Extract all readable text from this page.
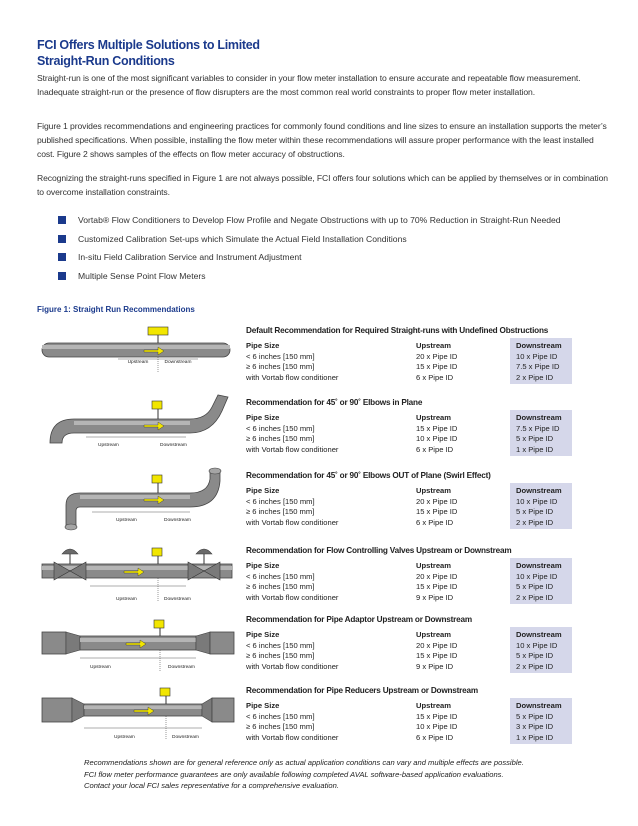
FCI Offers Multiple Solutions to Limited
Straight-Run Conditions
Straight-run is one of the most significant variables to consider in your flow meter installation to ensure accurate and repeatable flow measurement. Inadequate straight-run or the presence of flow disrupters are the most common real world constraints to proper flow meter installation.
Figure 1 provides recommendations and engineering practices for commonly found conditions and line sizes to ensure an installation supports the meter’s published specifications. When possible, installing the flow meter within these recommendations will assure proper performance with the least installed cost. Figure 2 shows samples of the effects on flow meter accuracy of obstructions.
Recognizing the straight-runs specified in Figure 1 are not always possible, FCI offers four solutions which can be applied by themselves or in combination to overcome installation constraints.
Vortab® Flow Conditioners to Develop Flow Profile and Negate Obstructions with up to 70% Reduction in Straight-Run Needed
Customized Calibration Set-ups which Simulate the Actual Field Installation Conditions
In-situ Field Calibration Service and Instrument Adjustment
Multiple Sense Point Flow Meters
Figure 1: Straight Run Recommendations
Upstream	Downstream
Upstream	Downstream
Upstream	Downstream
Upstream	Downstream
Upstream	Downstream
Upstream	Downstream
Default Recommendation for Required Straight-runs with Undefined Obstructions
Pipe Size	Upstream	Downstream
< 6 inches [150 mm]	20 x Pipe ID	10 x Pipe ID
≥ 6 inches [150 mm]	15 x Pipe ID	7.5 x Pipe ID
with Vortab flow conditioner	6 x Pipe ID	2 x Pipe ID
Recommendation for 45˚ or 90˚ Elbows in Plane
Pipe Size	Upstream	Downstream
< 6 inches [150 mm]	15 x Pipe ID	7.5 x Pipe ID
≥ 6 inches [150 mm]	10 x Pipe ID	5 x Pipe ID
with Vortab flow conditioner	6 x Pipe ID	1 x Pipe ID
Recommendation for 45˚ or 90˚ Elbows OUT of Plane (Swirl Effect)
Pipe Size	Upstream	Downstream
< 6 inches [150 mm]	20 x Pipe ID	10 x Pipe ID
≥ 6 inches [150 mm]	15 x Pipe ID	5 x Pipe ID
with Vortab flow conditioner	6 x Pipe ID	2 x Pipe ID
Recommendation for Flow Controlling Valves Upstream or Downstream
Pipe Size	Upstream	Downstream
< 6 inches [150 mm]	20 x Pipe ID	10 x Pipe ID
≥ 6 inches [150 mm]	15 x Pipe ID	5 x Pipe ID
with Vortab flow conditioner	9 x Pipe ID	2 x Pipe ID
Recommendation for Pipe Adaptor Upstream or Downstream
Pipe Size	Upstream	Downstream
< 6 inches [150 mm]	20 x Pipe ID	10 x Pipe ID
≥ 6 inches [150 mm]	15 x Pipe ID	5 x Pipe ID
with Vortab flow conditioner	9 x Pipe ID	2 x Pipe ID
Recommendation for Pipe Reducers Upstream or Downstream
Pipe Size	Upstream	Downstream
< 6 inches [150 mm]	15 x Pipe ID	5 x Pipe ID
≥ 6 inches [150 mm]	10 x Pipe ID	3 x Pipe ID
with Vortab flow conditioner	6 x Pipe ID	1 x Pipe ID
Recommendations shown are for general reference only as actual application conditions can vary and multiple effects are possible.
FCI flow meter performance guarantees are only available following completed AVAL software-based application evaluations.
Contact your local FCI sales representative for a comprehensive evaluation.
